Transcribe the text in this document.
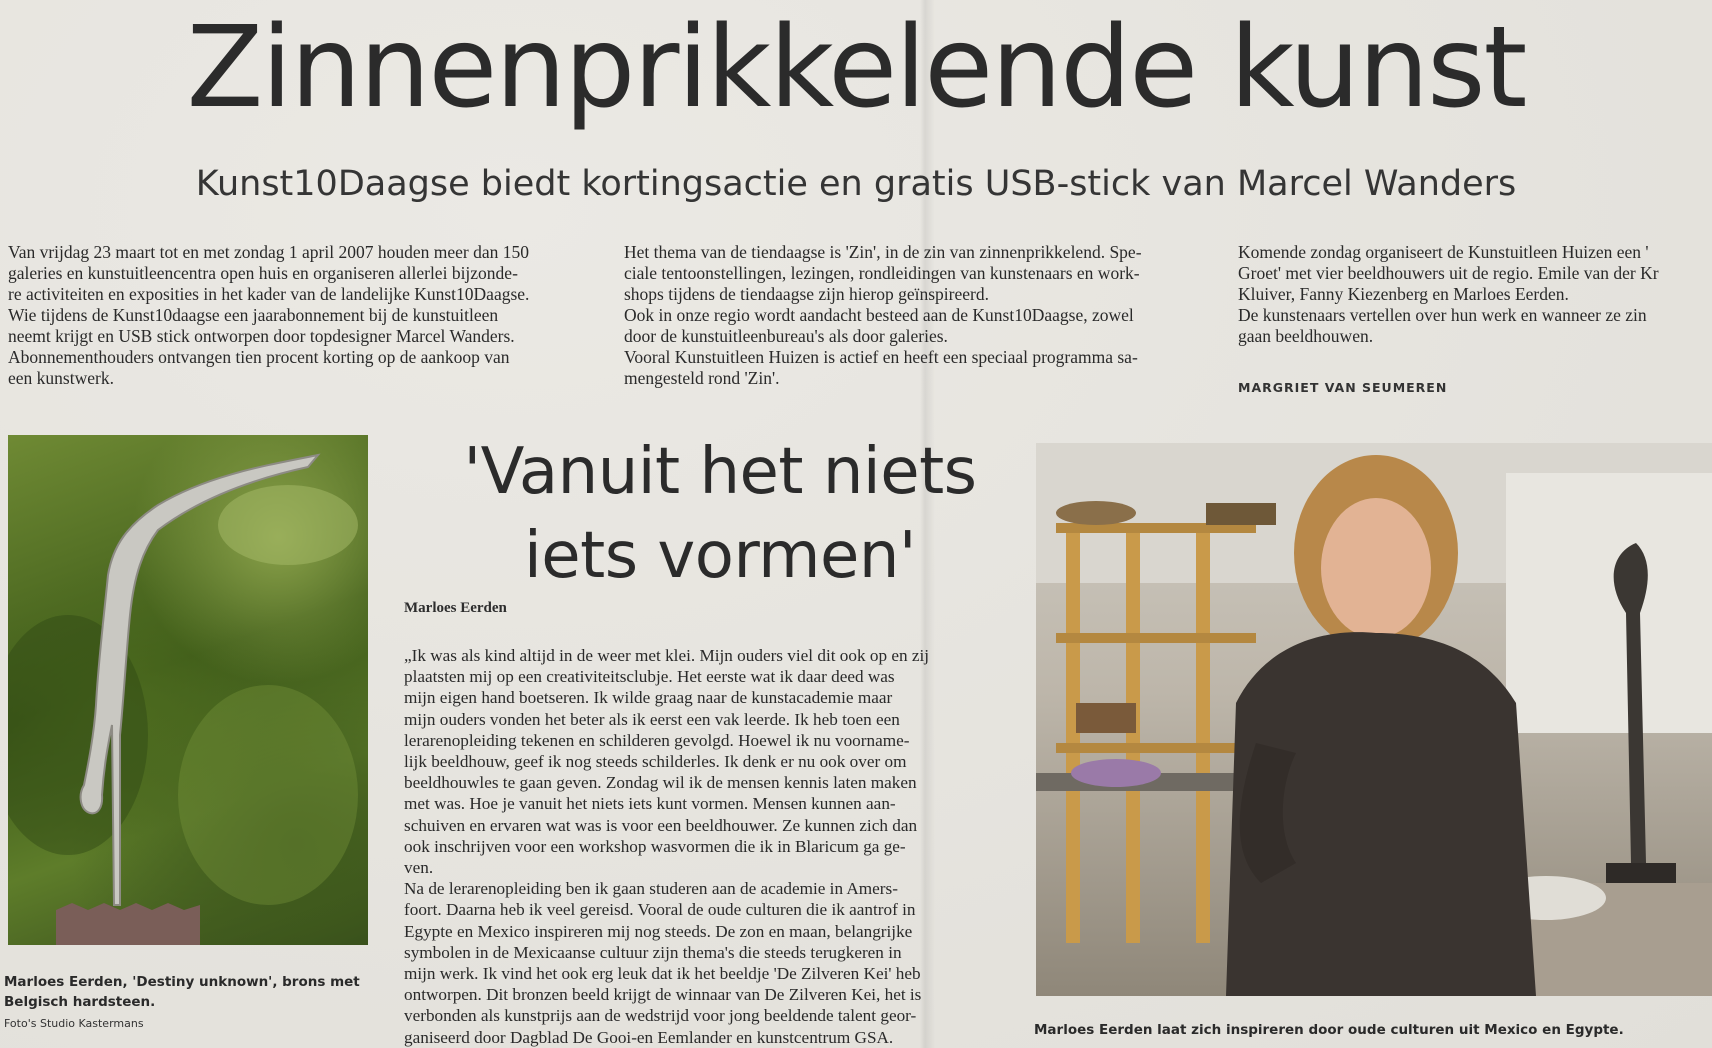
Zinnenprikkelende kunst
Kunst10Daagse biedt kortingsactie en gratis USB-stick van Marcel Wanders

Van vrijdag 23 maart tot en met zondag 1 april 2007 houden meer dan 150
galeries en kunstuitleencentra open huis en organiseren allerlei bijzonde-
re activiteiten en exposities in het kader van de landelijke Kunst10Daagse.
Wie tijdens de Kunst10daagse een jaarabonnement bij de kunstuitleen
neemt krijgt en USB stick ontworpen door topdesigner Marcel Wanders.
Abonnementhouders ontvangen tien procent korting op de aankoop van
een kunstwerk.

Het thema van de tiendaagse is 'Zin', in de zin van zinnenprikkelend. Spe-
ciale tentoonstellingen, lezingen, rondleidingen van kunstenaars en work-
shops tijdens de tiendaagse zijn hierop geïnspireerd.
Ook in onze regio wordt aandacht besteed aan de Kunst10Daagse, zowel
door de kunstuitleenbureau's als door galeries.
Vooral Kunstuitleen Huizen is actief en heeft een speciaal programma sa-
mengesteld rond 'Zin'.

Komende zondag organiseert de Kunstuitleen Huizen een '
Groet' met vier beeldhouwers uit de regio. Emile van der Kr
Kluiver, Fanny Kiezenberg en Marloes Eerden.
De kunstenaars vertellen over hun werk en wanneer ze zin
gaan beeldhouwen.

MARGRIET VAN SEUMEREN
Marloes Eerden, 'Destiny unknown', brons met Belgisch hardsteen.
Foto's Studio Kastermans
'Vanuit het niets
iets vormen'
Marloes Eerden
„Ik was als kind altijd in de weer met klei. Mijn ouders viel dit ook op en zij
plaatsten mij op een creativiteitsclubje. Het eerste wat ik daar deed was
mijn eigen hand boetseren. Ik wilde graag naar de kunstacademie maar
mijn ouders vonden het beter als ik eerst een vak leerde. Ik heb toen een
lerarenopleiding tekenen en schilderen gevolgd. Hoewel ik nu voorname-
lijk beeldhouw, geef ik nog steeds schilderles. Ik denk er nu ook over om
beeldhouwles te gaan geven. Zondag wil ik de mensen kennis laten maken
met was. Hoe je vanuit het niets iets kunt vormen. Mensen kunnen aan-
schuiven en ervaren wat was is voor een beeldhouwer. Ze kunnen zich dan
ook inschrijven voor een workshop wasvormen die ik in Blaricum ga ge-
ven.
Na de lerarenopleiding ben ik gaan studeren aan de academie in Amers-
foort. Daarna heb ik veel gereisd. Vooral de oude culturen die ik aantrof in
Egypte en Mexico inspireren mij nog steeds. De zon en maan, belangrijke
symbolen in de Mexicaanse cultuur zijn thema's die steeds terugkeren in
mijn werk. Ik vind het ook erg leuk dat ik het beeldje 'De Zilveren Kei' heb
ontworpen. Dit bronzen beeld krijgt de winnaar van De Zilveren Kei, het is
verbonden als kunstprijs aan de wedstrijd voor jong beeldende talent geor-
ganiseerd door Dagblad De Gooi-en Eemlander en kunstcentrum GSA.	Marloes Eerden laat zich inspireren door oude culturen uit Mexico en Egypte.
